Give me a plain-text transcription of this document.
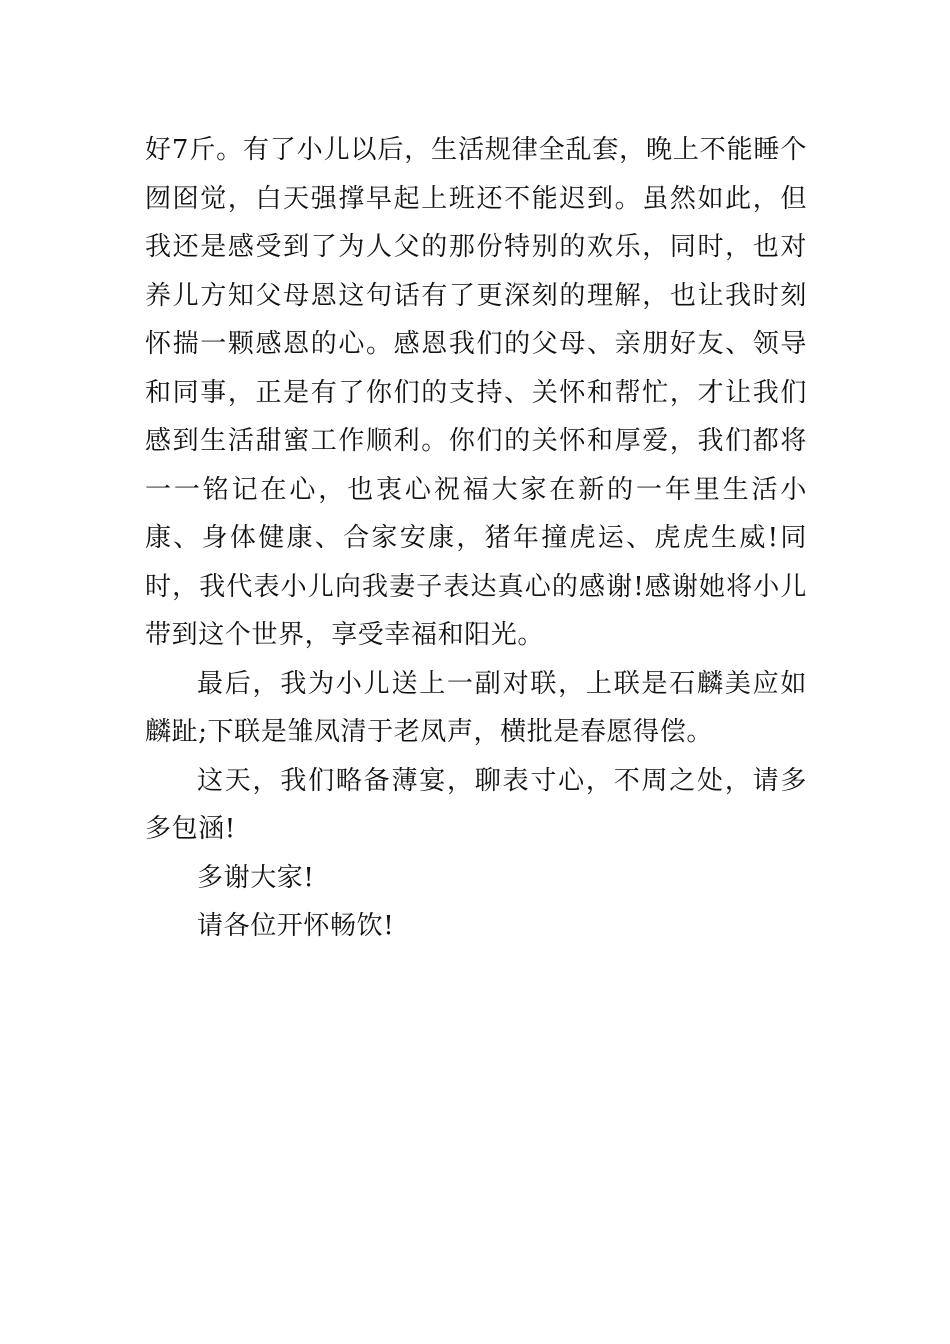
好7斤。有了小儿以后，生活规律全乱套，晚上不能睡个囫囵觉，白天强撑早起上班还不能迟到。虽然如此，但我还是感受到了为人父的那份特别的欢乐，同时，也对养儿方知父母恩这句话有了更深刻的理解，也让我时刻怀揣一颗感恩的心。感恩我们的父母、亲朋好友、领导和同事，正是有了你们的支持、关怀和帮忙，才让我们感到生活甜蜜工作顺利。你们的关怀和厚爱，我们都将一一铭记在心，也衷心祝福大家在新的一年里生活小康、身体健康、合家安康，猪年撞虎运、虎虎生威!同时，我代表小儿向我妻子表达真心的感谢!感谢她将小儿带到这个世界，享受幸福和阳光。

最后，我为小儿送上一副对联，上联是石麟美应如麟趾;下联是雏凤清于老凤声，横批是春愿得偿。

这天，我们略备薄宴，聊表寸心，不周之处，请多多包涵!

多谢大家!

请各位开怀畅饮!
